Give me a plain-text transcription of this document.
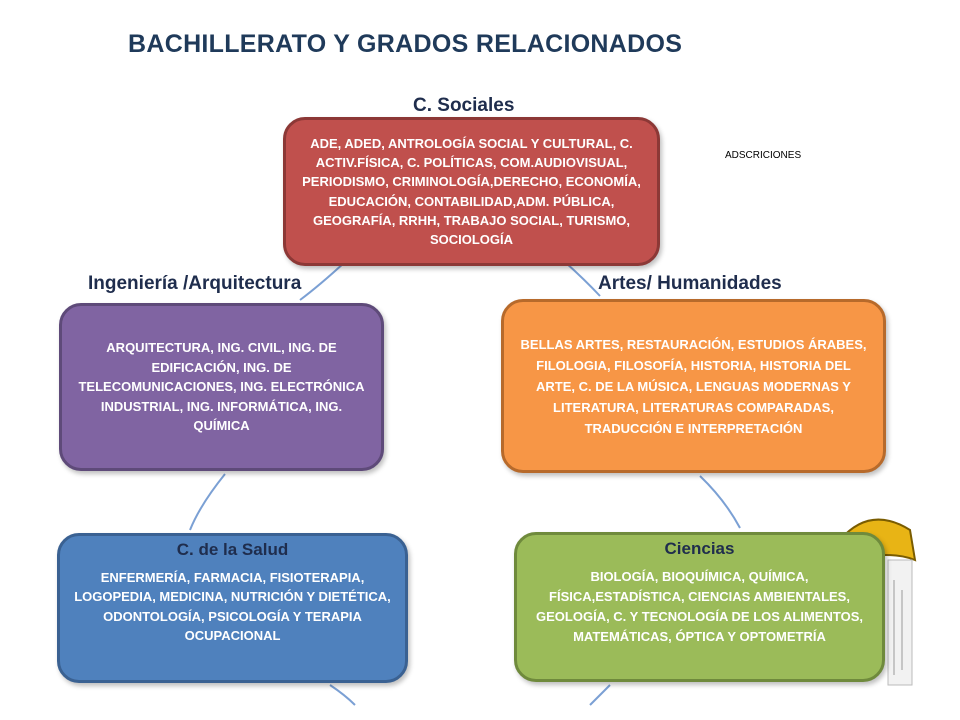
BACHILLERATO Y GRADOS RELACIONADOS
C. Sociales
ADE, ADED, ANTROLOGÍA SOCIAL Y CULTURAL, C. ACTIV.FÍSICA, C. POLÍTICAS, COM.AUDIOVISUAL, PERIODISMO, CRIMINOLOGÍA,DERECHO, ECONOMÍA, EDUCACIÓN, CONTABILIDAD,ADM. PÚBLICA, GEOGRAFÍA, RRHH, TRABAJO SOCIAL, TURISMO, SOCIOLOGÍA
ADSCRICIONES
Ingeniería /Arquitectura
ARQUITECTURA, ING. CIVIL, ING. DE EDIFICACIÓN, ING. DE TELECOMUNICACIONES, ING. ELECTRÓNICA INDUSTRIAL, ING. INFORMÁTICA, ING. QUÍMICA
Artes/ Humanidades
BELLAS ARTES, RESTAURACIÓN, ESTUDIOS ÁRABES, FILOLOGIA, FILOSOFÍA, HISTORIA, HISTORIA DEL ARTE, C. DE LA MÚSICA, LENGUAS MODERNAS Y LITERATURA, LITERATURAS COMPARADAS, TRADUCCIÓN E INTERPRETACIÓN
C. de la Salud
ENFERMERÍA, FARMACIA, FISIOTERAPIA, LOGOPEDIA, MEDICINA, NUTRICIÓN Y DIETÉTICA, ODONTOLOGÍA, PSICOLOGÍA Y TERAPIA OCUPACIONAL
Ciencias
BIOLOGÍA, BIOQUÍMICA, QUÍMICA, FÍSICA,ESTADÍSTICA, CIENCIAS AMBIENTALES, GEOLOGÍA, C. Y TECNOLOGÍA DE LOS ALIMENTOS, MATEMÁTICAS, ÓPTICA Y OPTOMETRÍA
